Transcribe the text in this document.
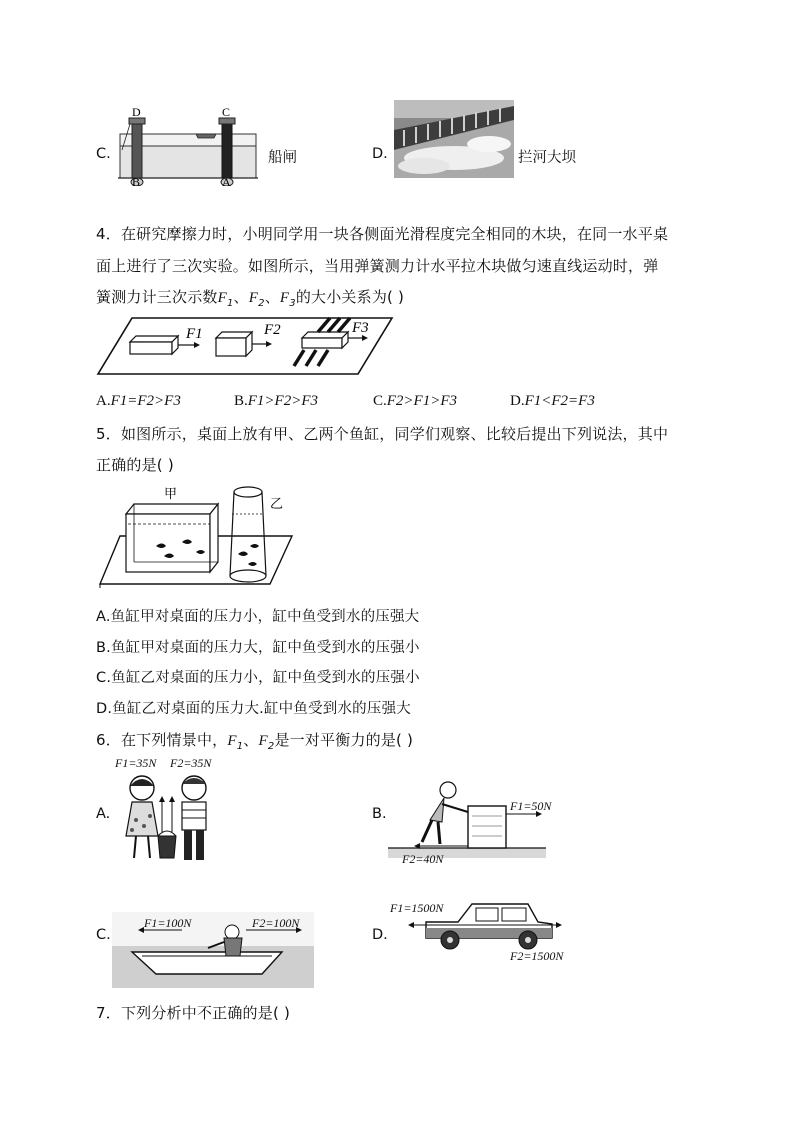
C.
D	C
B	A
船闸	D.	拦河大坝
4．在研究摩擦力时，小明同学用一块各侧面光滑程度完全相同的木块，在同一水平桌
面上进行了三次实验。如图所示，当用弹簧测力计水平拉木块做匀速直线运动时，弹
簧测力计三次示数$F_1$、$F_2$、$F_3$的大小关系为( )
F1	F2	F3
A.F1=F2>F3	B.F1>F2>F3	C.F2>F1>F3	D.F1<F2=F3
5．如图所示，桌面上放有甲、乙两个鱼缸，同学们观察、比较后提出下列说法，其中
正确的是( )
甲
乙
A.鱼缸甲对桌面的压力小，缸中鱼受到水的压强大
B.鱼缸甲对桌面的压力大，缸中鱼受到水的压强小
C.鱼缸乙对桌面的压力小，缸中鱼受到水的压强小
D.鱼缸乙对桌面的压力大.缸中鱼受到水的压强大
6．在下列情景中，$F_1$、$F_2$是一对平衡力的是( )
A.
F1=35N F2=35N
B.	F1=50N
F2=40N
C.
F1=100N	F2=100N
D.
F1=1500N
F2=1500N
7．下列分析中不正确的是( )
